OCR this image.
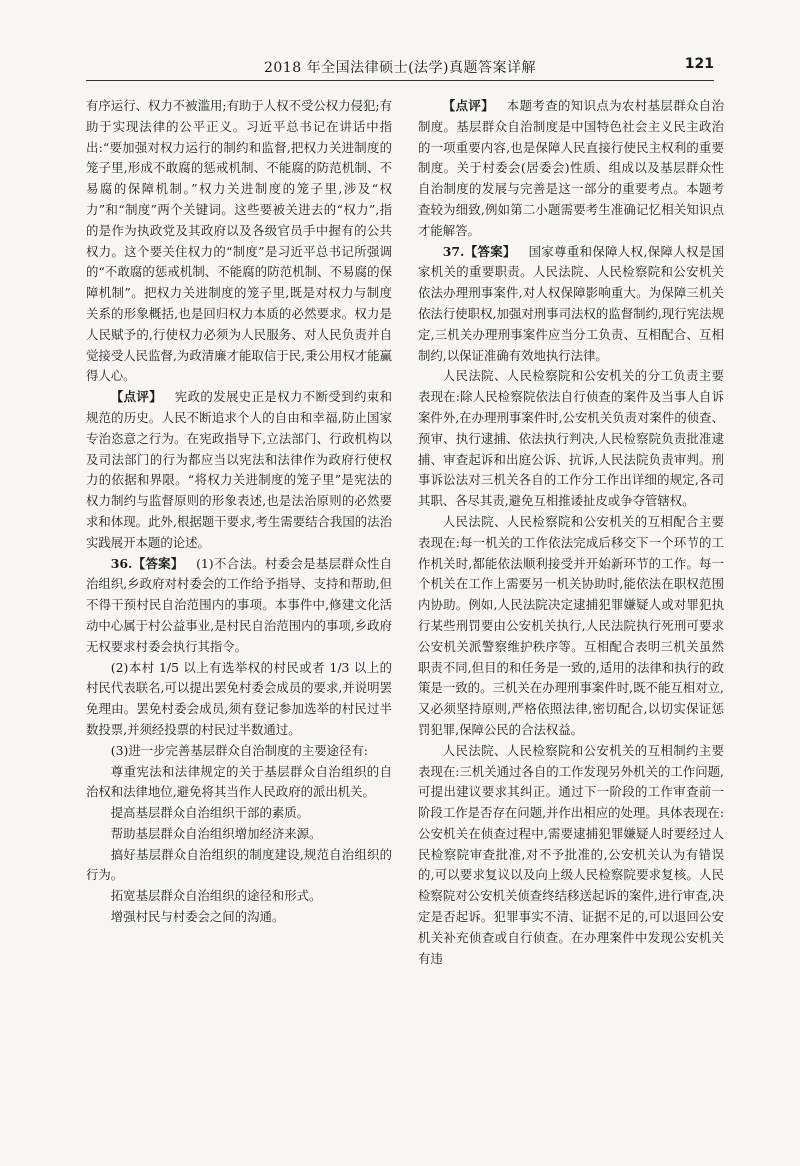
2018 年全国法律硕士(法学)真题答案详解	121

有序运行、权力不被滥用;有助于人权不受公权力侵犯;有助于实现法律的公平正义。习近平总书记在讲话中指出:“要加强对权力运行的制约和监督,把权力关进制度的笼子里,形成不敢腐的惩戒机制、不能腐的防范机制、不易腐的保障机制。”权力关进制度的笼子里,涉及“权力”和“制度”两个关键词。这些要被关进去的“权力”,指的是作为执政党及其政府以及各级官员手中握有的公共权力。这个要关住权力的“制度”是习近平总书记所强调的“不敢腐的惩戒机制、不能腐的防范机制、不易腐的保障机制”。把权力关进制度的笼子里,既是对权力与制度关系的形象概括,也是回归权力本质的必然要求。权力是人民赋予的,行使权力必须为人民服务、对人民负责并自觉接受人民监督,为政清廉才能取信于民,秉公用权才能赢得人心。

【点评】  宪政的发展史正是权力不断受到约束和规范的历史。人民不断追求个人的自由和幸福,防止国家专治恣意之行为。在宪政指导下,立法部门、行政机构以及司法部门的行为都应当以宪法和法律作为政府行使权力的依据和界限。“将权力关进制度的笼子里”是宪法的权力制约与监督原则的形象表述,也是法治原则的必然要求和体现。此外,根据题干要求,考生需要结合我国的法治实践展开本题的论述。

36.【答案】  (1)不合法。村委会是基层群众性自治组织,乡政府对村委会的工作给予指导、支持和帮助,但不得干预村民自治范围内的事项。本事件中,修建文化活动中心属于村公益事业,是村民自治范围内的事项,乡政府无权要求村委会执行其指令。

(2)本村 1/5 以上有选举权的村民或者 1/3 以上的村民代表联名,可以提出罢免村委会成员的要求,并说明罢免理由。罢免村委会成员,须有登记参加选举的村民过半数投票,并须经投票的村民过半数通过。

(3)进一步完善基层群众自治制度的主要途径有:

尊重宪法和法律规定的关于基层群众自治组织的自治权和法律地位,避免将其当作人民政府的派出机关。

提高基层群众自治组织干部的素质。

帮助基层群众自治组织增加经济来源。

搞好基层群众自治组织的制度建设,规范自治组织的行为。

拓宽基层群众自治组织的途径和形式。

增强村民与村委会之间的沟通。

【点评】  本题考查的知识点为农村基层群众自治制度。基层群众自治制度是中国特色社会主义民主政治的一项重要内容,也是保障人民直接行使民主权利的重要制度。关于村委会(居委会)性质、组成以及基层群众性自治制度的发展与完善是这一部分的重要考点。本题考查较为细致,例如第二小题需要考生准确记忆相关知识点才能解答。

37.【答案】  国家尊重和保障人权,保障人权是国家机关的重要职责。人民法院、人民检察院和公安机关依法办理刑事案件,对人权保障影响重大。为保障三机关依法行使职权,加强对刑事司法权的监督制约,现行宪法规定,三机关办理刑事案件应当分工负责、互相配合、互相制约,以保证准确有效地执行法律。

人民法院、人民检察院和公安机关的分工负责主要表现在:除人民检察院依法自行侦查的案件及当事人自诉案件外,在办理刑事案件时,公安机关负责对案件的侦查、预审、执行逮捕、依法执行判决,人民检察院负责批准逮捕、审查起诉和出庭公诉、抗诉,人民法院负责审判。刑事诉讼法对三机关各自的工作分工作出详细的规定,各司其职、各尽其责,避免互相推诿扯皮或争夺管辖权。

人民法院、人民检察院和公安机关的互相配合主要表现在:每一机关的工作依法完成后移交下一个环节的工作机关时,都能依法顺利接受并开始新环节的工作。每一个机关在工作上需要另一机关协助时,能依法在职权范围内协助。例如,人民法院决定逮捕犯罪嫌疑人或对罪犯执行某些刑罚要由公安机关执行,人民法院执行死刑可要求公安机关派警察维护秩序等。互相配合表明三机关虽然职责不同,但目的和任务是一致的,适用的法律和执行的政策是一致的。三机关在办理刑事案件时,既不能互相对立,又必须坚持原则,严格依照法律,密切配合,以切实保证惩罚犯罪,保障公民的合法权益。

人民法院、人民检察院和公安机关的互相制约主要表现在:三机关通过各自的工作发现另外机关的工作问题,可提出建议要求其纠正。通过下一阶段的工作审查前一阶段工作是否存在问题,并作出相应的处理。具体表现在:公安机关在侦查过程中,需要逮捕犯罪嫌疑人时要经过人民检察院审查批准,对不予批准的,公安机关认为有错误的,可以要求复议以及向上级人民检察院要求复核。人民检察院对公安机关侦查终结移送起诉的案件,进行审查,决定是否起诉。犯罪事实不清、证据不足的,可以退回公安机关补充侦查或自行侦查。在办理案件中发现公安机关有违
